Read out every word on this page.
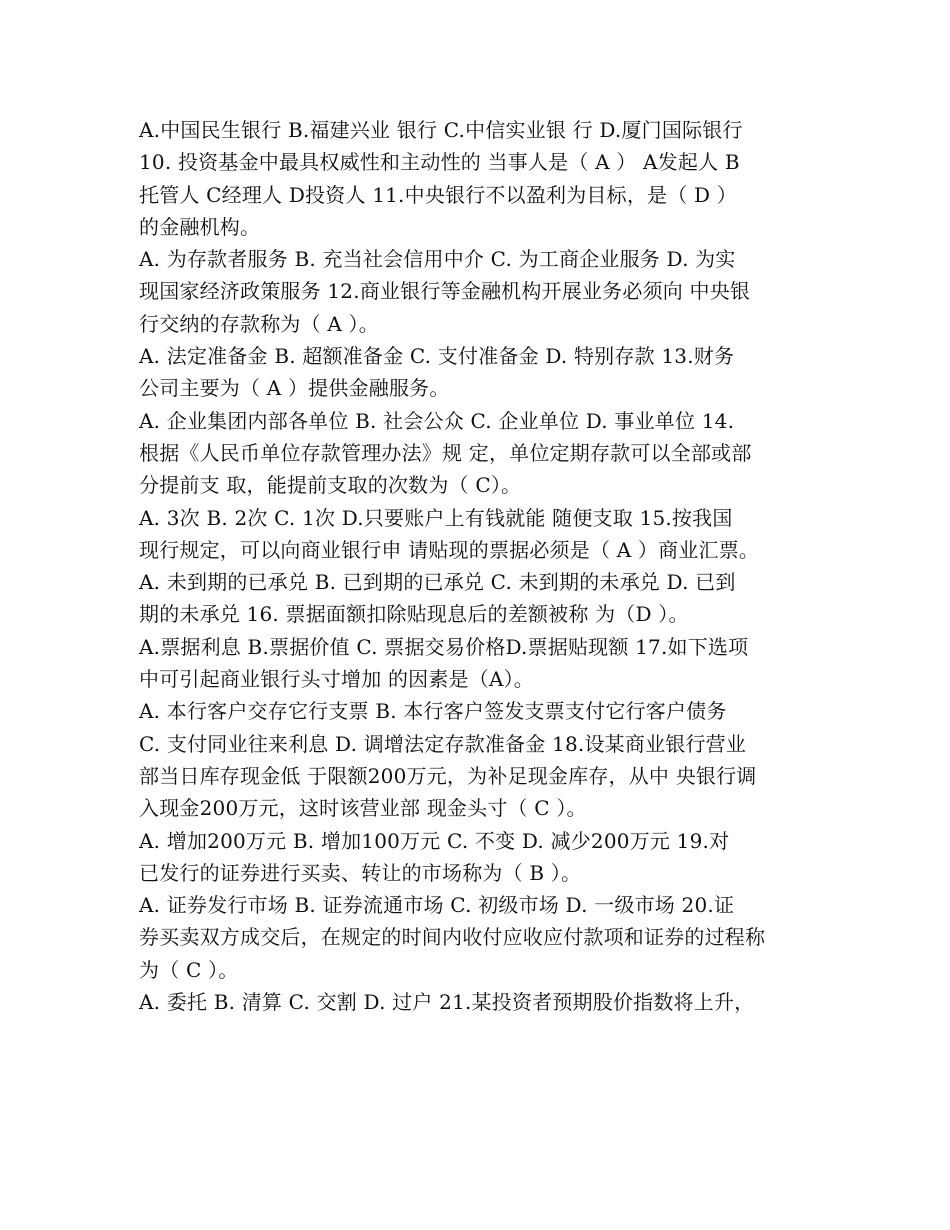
A.中国民生银行 B.福建兴业 银行 C.中信实业银 行 D.厦门国际银行

10. 投资基金中最具权威性和主动性的 当事人是（ A ） A发起人 B

托管人 C经理人 D投资人 11.中央银行不以盈利为目标，是（ D ）

的金融机构。

A. 为存款者服务 B. 充当社会信用中介 C. 为工商企业服务 D. 为实

现国家经济政策服务 12.商业银行等金融机构开展业务必须向 中央银

行交纳的存款称为（ A ）。

A. 法定准备金 B. 超额准备金 C. 支付准备金 D. 特别存款 13.财务

公司主要为（ A ）提供金融服务。

A. 企业集团内部各单位 B. 社会公众 C. 企业单位 D. 事业单位 14.

根据《人民币单位存款管理办法》规 定，单位定期存款可以全部或部

分提前支 取，能提前支取的次数为（ C）。

A. 3次 B. 2次 C. 1次 D.只要账户上有钱就能 随便支取 15.按我国

现行规定，可以向商业银行申 请贴现的票据必须是（ A ）商业汇票。

A. 未到期的已承兑 B. 已到期的已承兑 C. 未到期的未承兑 D. 已到

期的未承兑 16. 票据面额扣除贴现息后的差额被称 为（D ）。

A.票据利息 B.票据价值 C. 票据交易价格D.票据贴现额 17.如下选项

中可引起商业银行头寸增加 的因素是（A）。

A. 本行客户交存它行支票 B. 本行客户签发支票支付它行客户债务

C. 支付同业往来利息 D. 调增法定存款准备金 18.设某商业银行营业

部当日库存现金低 于限额200万元，为补足现金库存，从中 央银行调

入现金200万元，这时该营业部 现金头寸（ C ）。

A. 增加200万元 B. 增加100万元 C. 不变 D. 减少200万元 19.对

已发行的证券进行买卖、转让的市场称为（ B ）。

A. 证券发行市场 B. 证券流通市场 C. 初级市场 D. 一级市场 20.证

券买卖双方成交后，在规定的时间内收付应收应付款项和证券的过程称

为（ C ）。

A. 委托 B. 清算 C. 交割 D. 过户 21.某投资者预期股价指数将上升，
